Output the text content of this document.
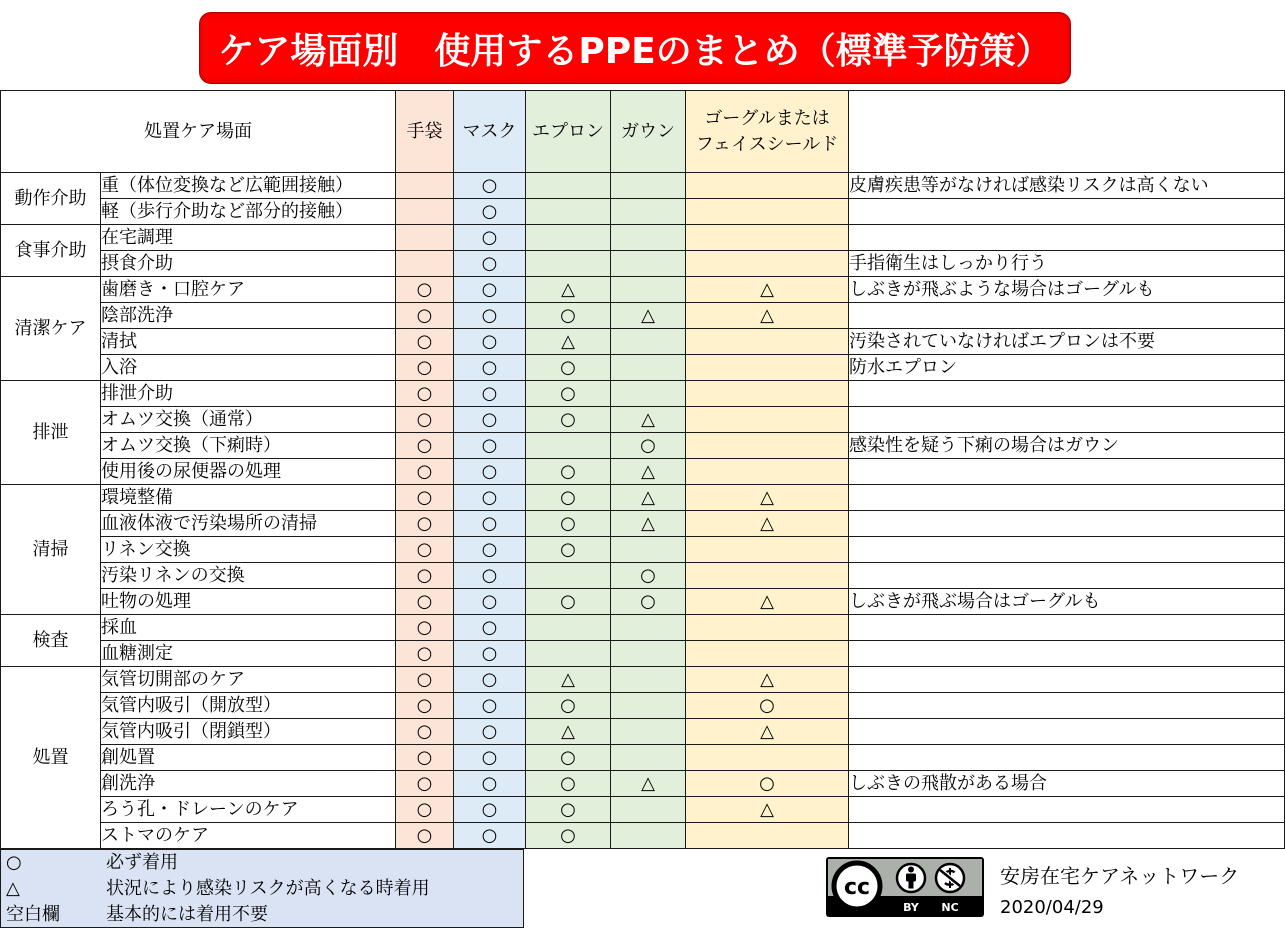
ケア場面別　使用するPPEのまとめ（標準予防策）
処置ケア場面		手袋	マスク	エプロン	ガウン	ゴーグルまたは
フェイスシールド	
動作介助	重（体位変換など広範囲接触）		○				皮膚疾患等がなければ感染リスクは高くない
	軽（歩行介助など部分的接触）		○				
食事介助	在宅調理		○				
	摂食介助		○				手指衛生はしっかり行う
清潔ケア	歯磨き・口腔ケア	○	○	△		△	しぶきが飛ぶような場合はゴーグルも
	陰部洗浄	○	○	○	△	△	
	清拭	○	○	△			汚染されていなければエプロンは不要
	入浴	○	○	○			防水エプロン
排泄	排泄介助	○	○	○			
	オムツ交換（通常）	○	○	○	△		
	オムツ交換（下痢時）	○	○		○		感染性を疑う下痢の場合はガウン
	使用後の尿便器の処理	○	○	○	△		
清掃	環境整備	○	○	○	△	△	
	血液体液で汚染場所の清掃	○	○	○	△	△	
	リネン交換	○	○	○			
	汚染リネンの交換	○	○		○		
	吐物の処理	○	○	○	○	△	しぶきが飛ぶ場合はゴーグルも
検査	採血	○	○				
	血糖測定	○	○				
処置	気管切開部のケア	○	○	△		△	
	気管内吸引（開放型）	○	○	○		○	
	気管内吸引（閉鎖型）	○	○	△		△	
	創処置	○	○	○			
	創洗浄	○	○	○	△	○	しぶきの飛散がある場合
	ろう孔・ドレーンのケア	○	○	○		△	
	ストマのケア	○	○	○			
○	必ず着用
△	状況により感染リスクが高くなる時着用
空白欄	基本的には着用不要
cc
BY NC
安房在宅ケアネットワーク
2020/04/29
